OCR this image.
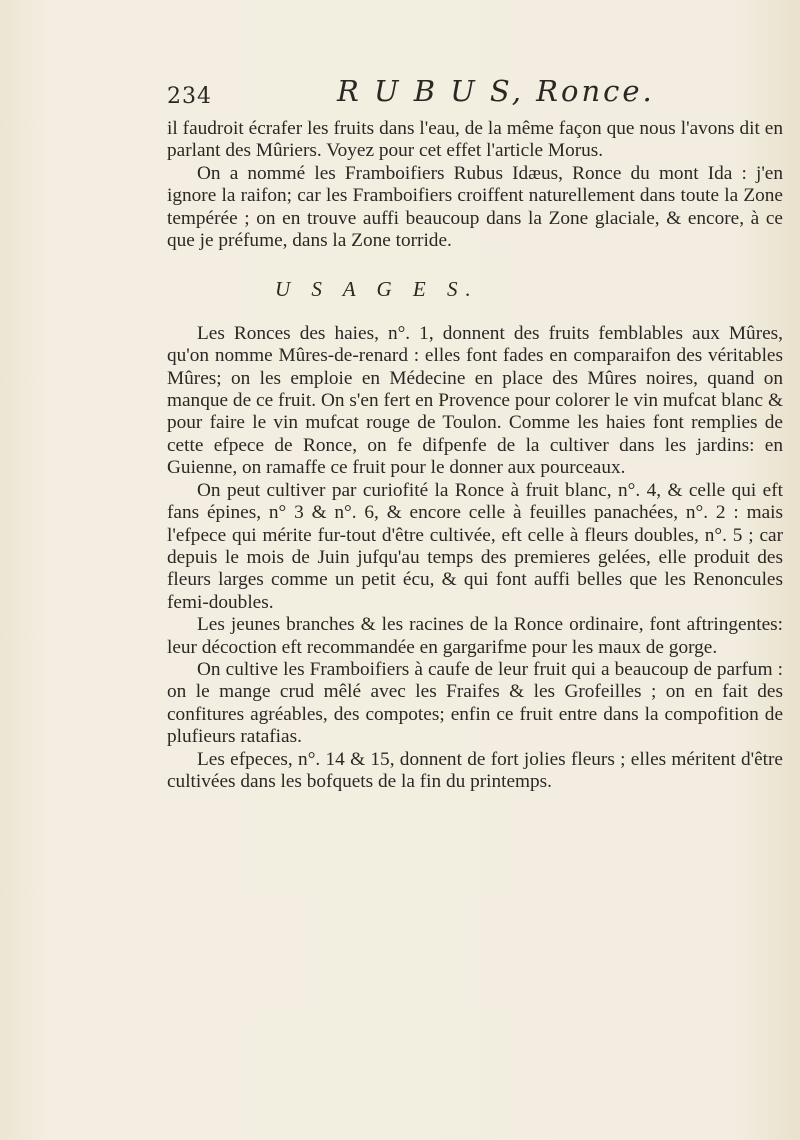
234	R U B U S, Ronce.

il faudroit écrafer les fruits dans l'eau, de la même façon que nous l'avons dit en parlant des Mûriers. Voyez pour cet effet l'article Morus.

On a nommé les Framboifiers Rubus Idæus, Ronce du mont Ida : j'en ignore la raifon; car les Framboifiers croiffent naturellement dans toute la Zone tempérée ; on en trouve auffi beaucoup dans la Zone glaciale, & encore, à ce que je préfume, dans la Zone torride.

U S A G E S.

Les Ronces des haies, n°. 1, donnent des fruits femblables aux Mûres, qu'on nomme Mûres-de-renard : elles font fades en comparaifon des véritables Mûres; on les emploie en Médecine en place des Mûres noires, quand on manque de ce fruit. On s'en fert en Provence pour colorer le vin mufcat blanc & pour faire le vin mufcat rouge de Toulon. Comme les haies font remplies de cette efpece de Ronce, on fe difpenfe de la cultiver dans les jardins: en Guienne, on ramaffe ce fruit pour le donner aux pourceaux.

On peut cultiver par curiofité la Ronce à fruit blanc, n°. 4, & celle qui eft fans épines, n° 3 & n°. 6, & encore celle à feuilles panachées, n°. 2 : mais l'efpece qui mérite fur-tout d'être cultivée, eft celle à fleurs doubles, n°. 5 ; car depuis le mois de Juin jufqu'au temps des premieres gelées, elle produit des fleurs larges comme un petit écu, & qui font auffi belles que les Renoncules femi-doubles.

Les jeunes branches & les racines de la Ronce ordinaire, font aftringentes: leur décoction eft recommandée en gargarifme pour les maux de gorge.

On cultive les Framboifiers à caufe de leur fruit qui a beaucoup de parfum : on le mange crud mêlé avec les Fraifes & les Grofeilles ; on en fait des confitures agréables, des compotes; enfin ce fruit entre dans la compofition de plufieurs ratafias.

Les efpeces, n°. 14 & 15, donnent de fort jolies fleurs ; elles méritent d'être cultivées dans les bofquets de la fin du printemps.
